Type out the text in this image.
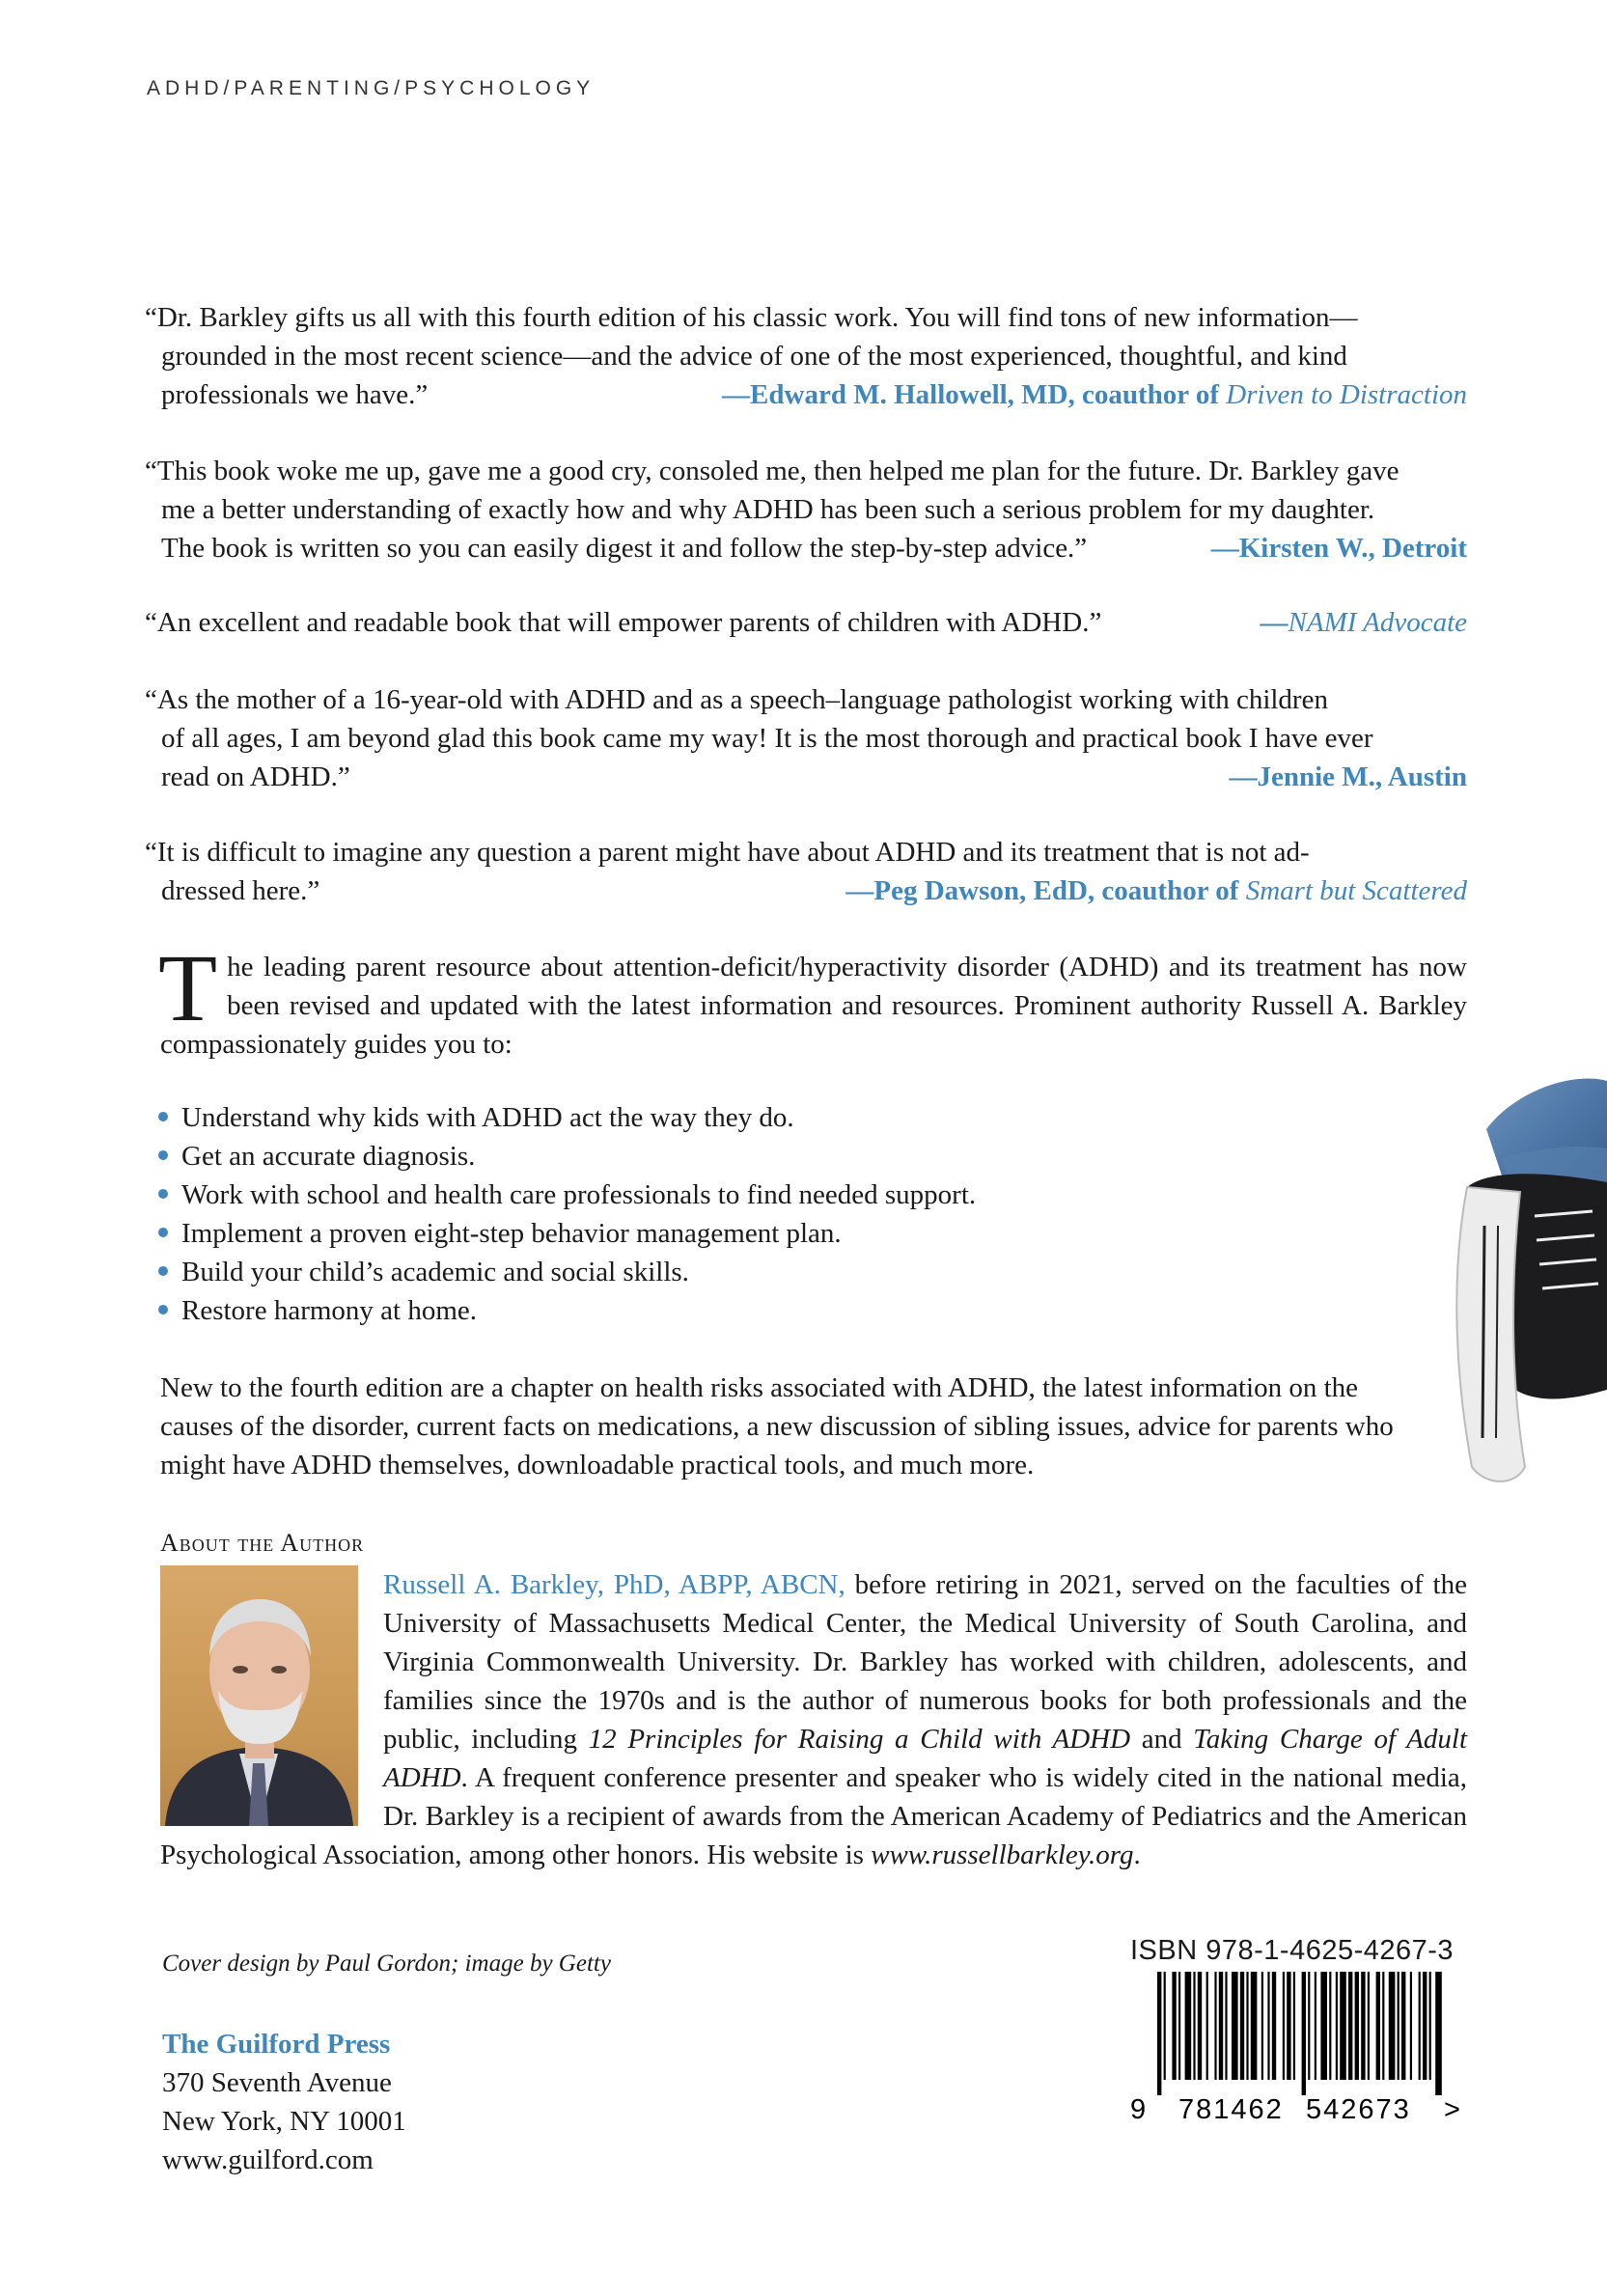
ADHD/PARENTING/PSYCHOLOGY
“Dr. Barkley gifts us all with this fourth edition of his classic work. You will find tons of new information—
grounded in the most recent science—and the advice of one of the most experienced, thoughtful, and kind
professionals we have.”	—Edward M. Hallowell, MD, coauthor of Driven to Distraction
“This book woke me up, gave me a good cry, consoled me, then helped me plan for the future. Dr. Barkley gave
me a better understanding of exactly how and why ADHD has been such a serious problem for my daughter.
The book is written so you can easily digest it and follow the step-by-step advice.”	—Kirsten W., Detroit
“An excellent and readable book that will empower parents of children with ADHD.”	—NAMI Advocate
“As the mother of a 16-year-old with ADHD and as a speech–language pathologist working with children
of all ages, I am beyond glad this book came my way! It is the most thorough and practical book I have ever
read on ADHD.”	—Jennie M., Austin
“It is difficult to imagine any question a parent might have about ADHD and its treatment that is not ad-
dressed here.”	—Peg Dawson, EdD, coauthor of Smart but Scattered
The leading parent resource about attention-deficit/hyperactivity disorder (ADHD) and its treatment has now been revised and updated with the latest information and resources. Prominent authority Russell A. Barkley compassionately guides you to:
Understand why kids with ADHD act the way they do.
Get an accurate diagnosis.
Work with school and health care professionals to find needed support.
Implement a proven eight-step behavior management plan.
Build your child’s academic and social skills.
Restore harmony at home.
New to the fourth edition are a chapter on health risks associated with ADHD, the latest information on the causes of the disorder, current facts on medications, a new discussion of sibling issues, advice for parents who might have ADHD themselves, downloadable practical tools, and much more.
About the Author
Russell A. Barkley, PhD, ABPP, ABCN, before retiring in 2021, served on the faculties of the University of Massachusetts Medical Center, the Medical University of South Carolina, and Virginia Commonwealth University. Dr. Barkley has worked with children, adolescents, and families since the 1970s and is the author of numerous books for both professionals and the public, including 12 Principles for Raising a Child with ADHD and Taking Charge of Adult ADHD. A frequent conference presenter and speaker who is widely cited in the national media, Dr. Barkley is a recipient of awards from the American Academy of Pediatrics and the American Psychological Association, among other honors. His website is www.russellbarkley.org.
Cover design by Paul Gordon; image by Getty
The Guilford Press
370 Seventh Avenue
New York, NY 10001
www.guilford.com
ISBN 978-1-4625-4267-3
9 781462 542673 >
